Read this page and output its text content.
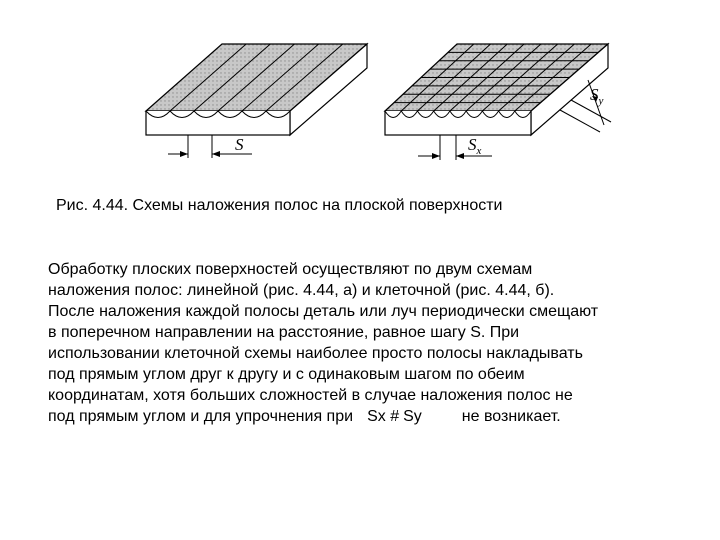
S	$S_x$
$S_y$
Рис. 4.44. Схемы наложения полос на плоской поверхности
Обработку плоских поверхностей осуществляют по двум схемам
наложения полос: линейной (рис. 4.44, а) и клеточной (рис. 4.44, б).
После наложения каждой полосы деталь или луч периодически смещают
в поперечном направлении на расстояние, равное шагу S. При
использовании клеточной схемы наиболее просто полосы накладывать
под прямым углом друг к другу и с одинаковым шагом по обеим
координатам, хотя больших сложностей в случае наложения полос не
под прямым углом и для упрочнения при Sx # Sy	не возникает.
